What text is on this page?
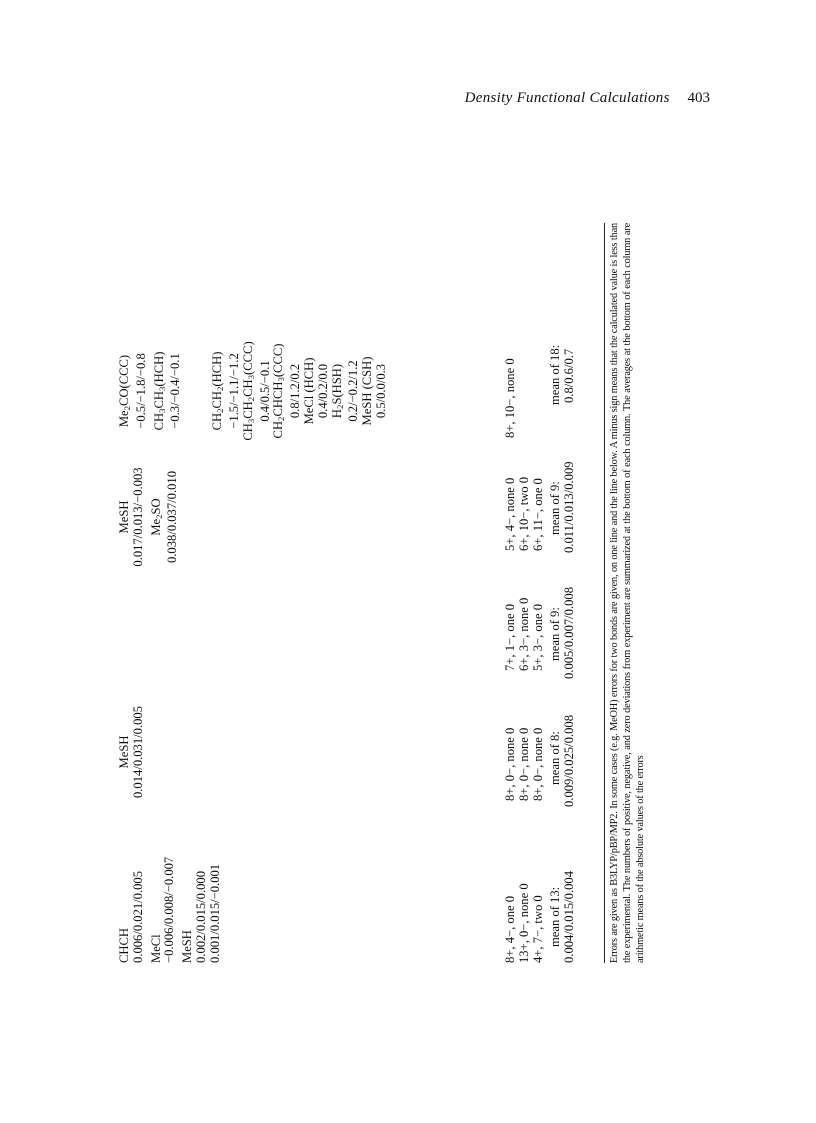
Density Functional Calculations 403
CHCH 0.006/0.021/0.005 MeCl −0.006/0.008/−0.007 MeSH 0.002/0.015/0.000 0.001/0.015/−0.001
MeSH 0.014/0.031/0.005
MeSH 0.017/0.013/−0.003 $Me_2SO$ 0.038/0.037/0.010
$Me_2CO(CCC) -0.5/-1.8/-0.8$ $CH_3CH_3(HCH) -0.3/-0.4/-0.1$ $CH_2CH_2(HCH) -1.5/-1.1/-1.2$
$CH_3CH_2CH_3(CCC)$
0.4/0.5/−0.1
$CH_2CHCH_3(CCC)$
0.8/1.2/0.2 MeCl (HCH) 0.4/0.2/0.0 $H_2S(HSH)$ 0.2/−0.2/1.2 MeSH (CSH) 0.5/0.0/0.3
8+, 4−, one 0 13+, 0−, none 0 4+, 7−, two 0
8+, 0−, none 0 8+, 0−, none 0 8+, 0−, none 0
7+, 1−, one 0 6+, 3−, none 0 5+, 3−, one 0
5+, 4−, none 0 6+, 10−, two 0 6+, 11−, one 0
8+, 10−, none 0
mean of 13: 0.004/0.015/0.004
mean of 8: 0.009/0.025/0.008
mean of 9: 0.005/0.007/0.008
mean of 9: 0.011/0.013/0.009
mean of 18: 0.8/0.6/0.7	Errors are given as B3LYP/pBP/MP2. In some cases (e.g. MeOH) errors for two bonds are given, on one line and the line below. A minus sign means that the calculated value is less than the experimental. The numbers of positive, negative, and zero deviations from experiment are summarized at the bottom of each column. The averages at the bottom of each column are arithmetic means of the absolute values of the errors
